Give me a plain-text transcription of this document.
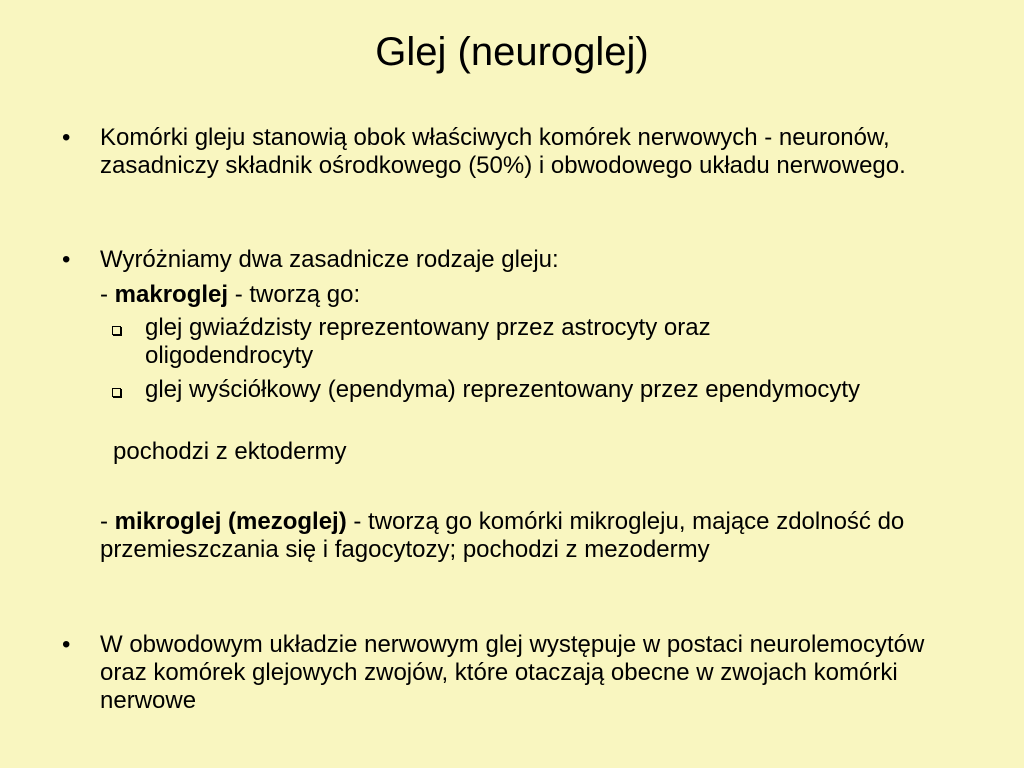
Glej (neuroglej)
• Komórki gleju stanowią obok właściwych komórek nerwowych - neuronów, zasadniczy składnik ośrodkowego (50%) i obwodowego układu nerwowego.
• Wyróżniamy dwa zasadnicze rodzaje gleju:
- makroglej - tworzą go:
glej gwiaździsty reprezentowany przez astrocyty oraz oligodendrocyty
glej wyściółkowy (ependyma) reprezentowany przez ependymocyty
pochodzi z ektodermy
- mikroglej (mezoglej) - tworzą go komórki mikrogleju, mające zdolność do przemieszczania się i fagocytozy; pochodzi z mezodermy
• W obwodowym układzie nerwowym glej występuje w postaci neurolemocytów oraz komórek glejowych zwojów, które otaczają obecne w zwojach komórki nerwowe
